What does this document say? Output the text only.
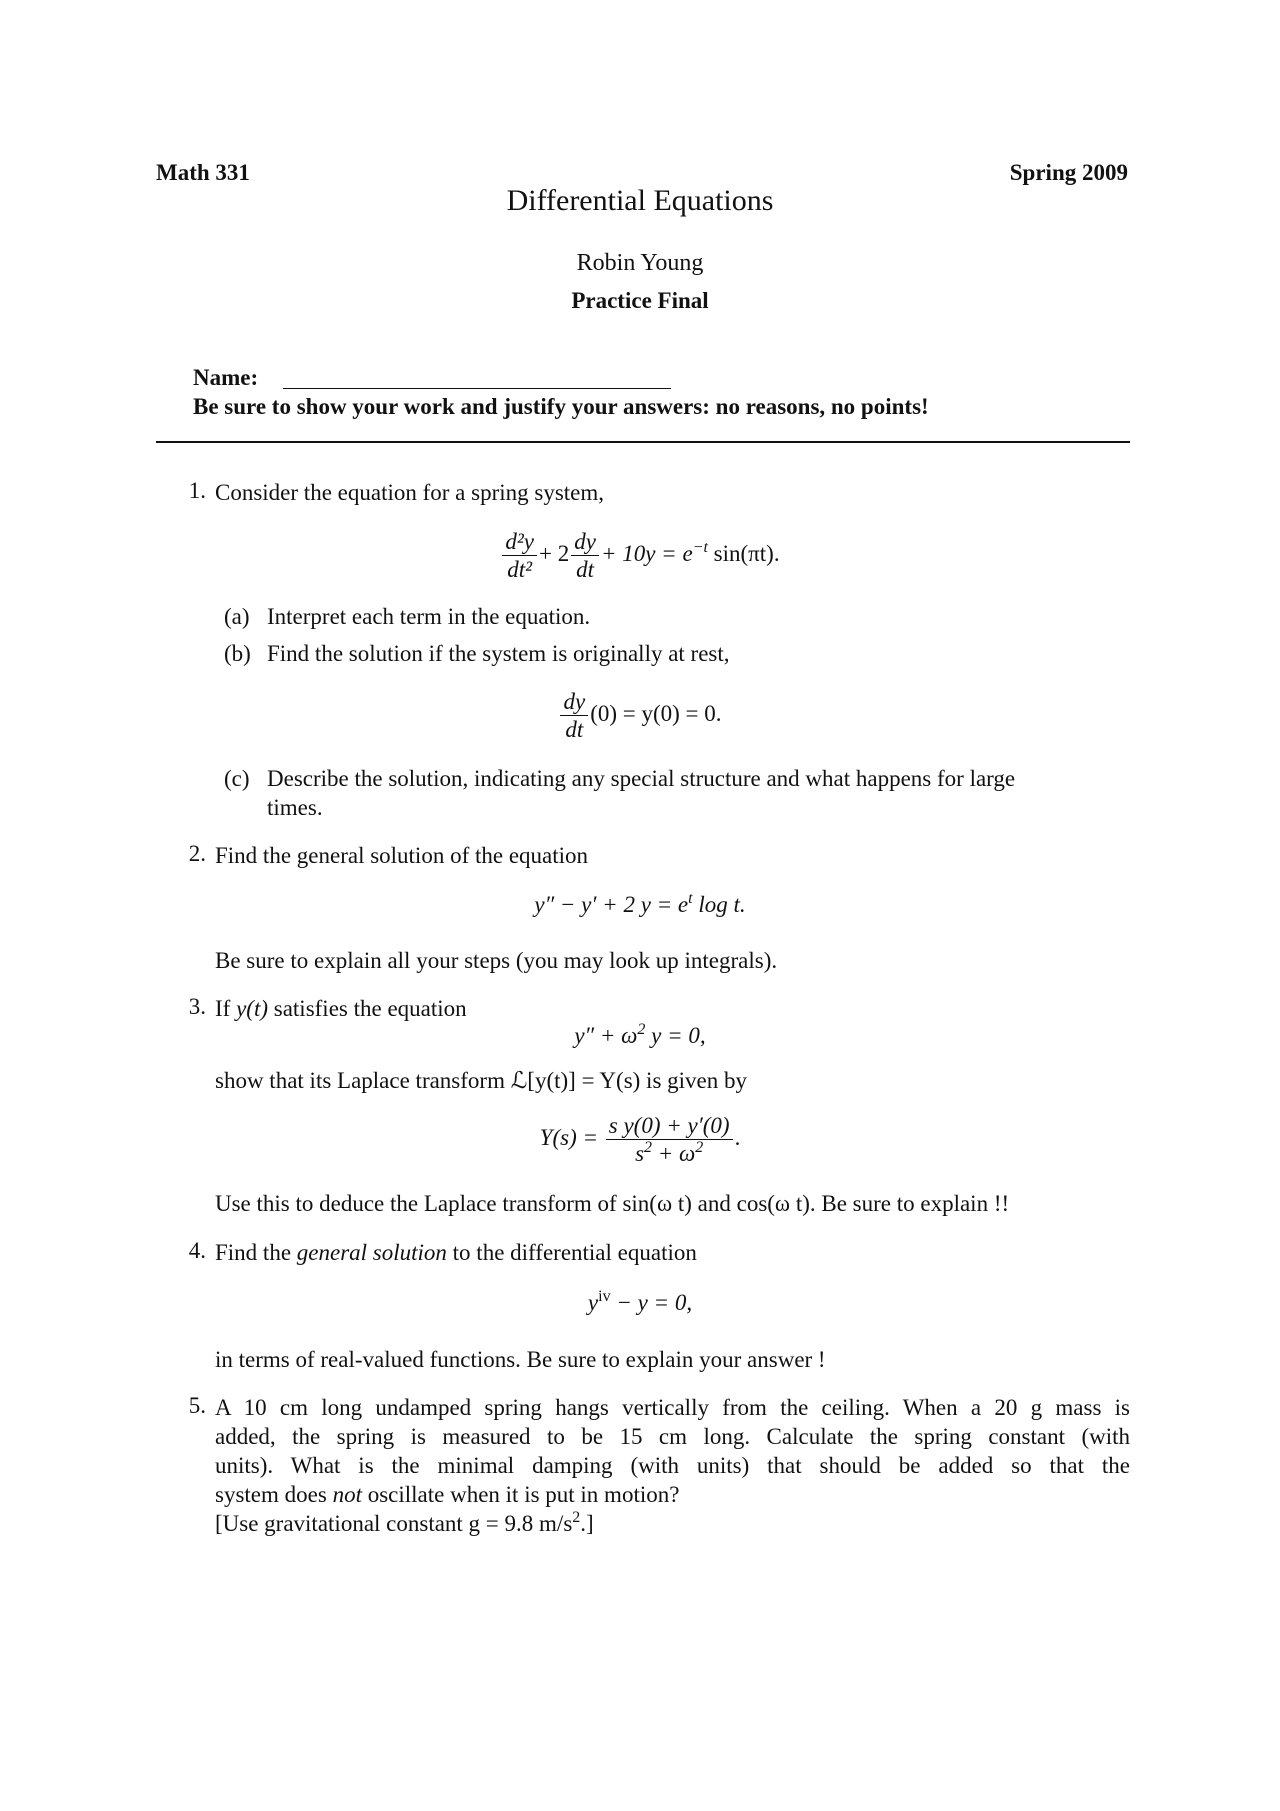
Math 331	Spring 2009
Differential Equations
Robin Young
Practice Final
Name:
Be sure to show your work and justify your answers: no reasons, no points!
1. Consider the equation for a spring system,
$\frac{\text{d²y}}{\text{dt²}} + 2 \frac{dy}{dt} + 10y = e^{-t}$ sin(πt).
(a) Interpret each term in the equation.
(b) Find the solution if the system is originally at rest,
$\frac{dy}{dt} (0) = y(0) = 0$.
(c) Describe the solution, indicating any special structure and what happens for large
times.
2. Find the general solution of the equation
y″ − y′ + 2 $y = e^t$ log t.
Be sure to explain all your steps (you may look up integrals).
3. If y(t) satisfies the equation
$y'' + \omega^2$ y = 0,
show that its Laplace transform ℒ[y(t)] = Y(s) is given by
$Y(s) = \frac{\text{s y(0) + y′(0)}}{s^2 + \omega^2}$ .
Use this to deduce the Laplace transform of sin(ω t) and cos(ω t). Be sure to explain !!
4. Find the general solution to the differential equation
$y^{iv} - y = 0$,
in terms of real-valued functions. Be sure to explain your answer !
5. A 10 cm long undamped spring hangs vertically from the ceiling. When a 20 g mass is
added, the spring is measured to be 15 cm long. Calculate the spring constant (with
units). What is the minimal damping (with units) that should be added so that the
system does not oscillate when it is put in motion?
[Use gravitational constant g = 9.8 $m/s^2$.]
